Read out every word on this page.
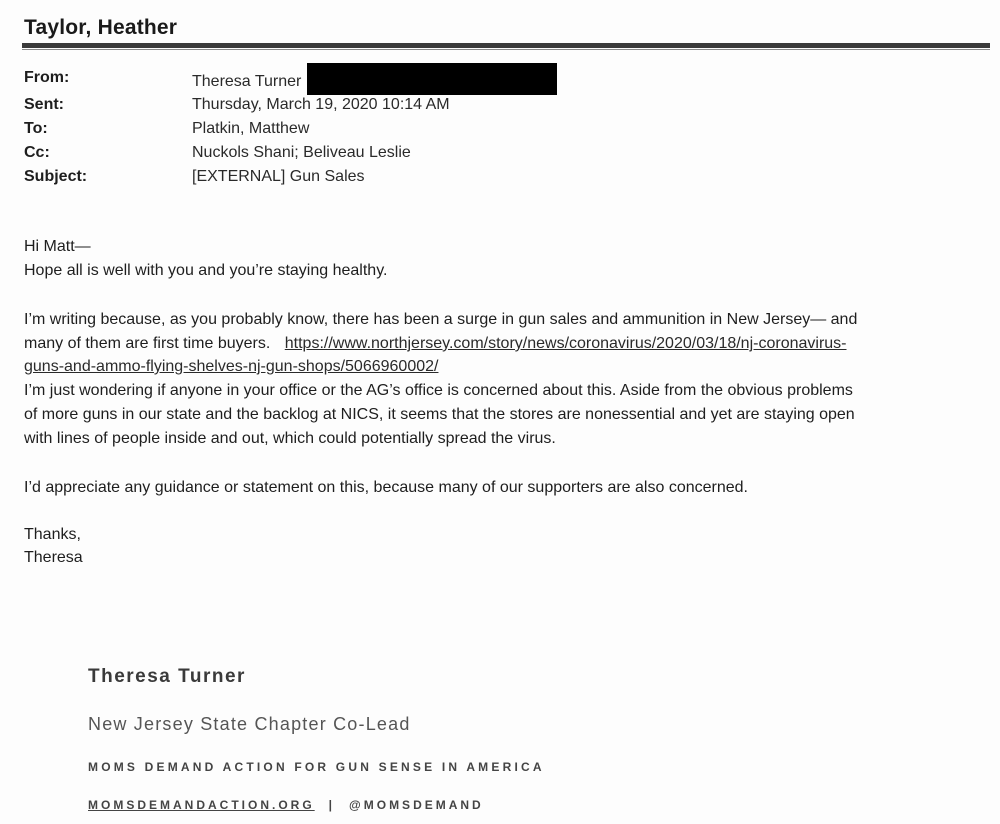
Taylor, Heather
From:	Theresa Turner
Sent:	Thursday, March 19, 2020 10:14 AM
To:	Platkin, Matthew
Cc:	Nuckols Shani; Beliveau Leslie
Subject:	[EXTERNAL] Gun Sales
Hi Matt—
Hope all is well with you and you’re staying healthy.
I’m writing because, as you probably know, there has been a surge in gun sales and ammunition in New Jersey— and
many of them are first time buyers. https://www.northjersey.com/story/news/coronavirus/2020/03/18/nj-coronavirus-
guns-and-ammo-flying-shelves-nj-gun-shops/5066960002/
I’m just wondering if anyone in your office or the AG’s office is concerned about this. Aside from the obvious problems
of more guns in our state and the backlog at NICS, it seems that the stores are nonessential and yet are staying open
with lines of people inside and out, which could potentially spread the virus.
I’d appreciate any guidance or statement on this, because many of our supporters are also concerned.
Thanks,
Theresa
Theresa Turner
New Jersey State Chapter Co-Lead
MOMS DEMAND ACTION FOR GUN SENSE IN AMERICA
MOMSDEMANDACTION.ORG | @MOMSDEMAND
